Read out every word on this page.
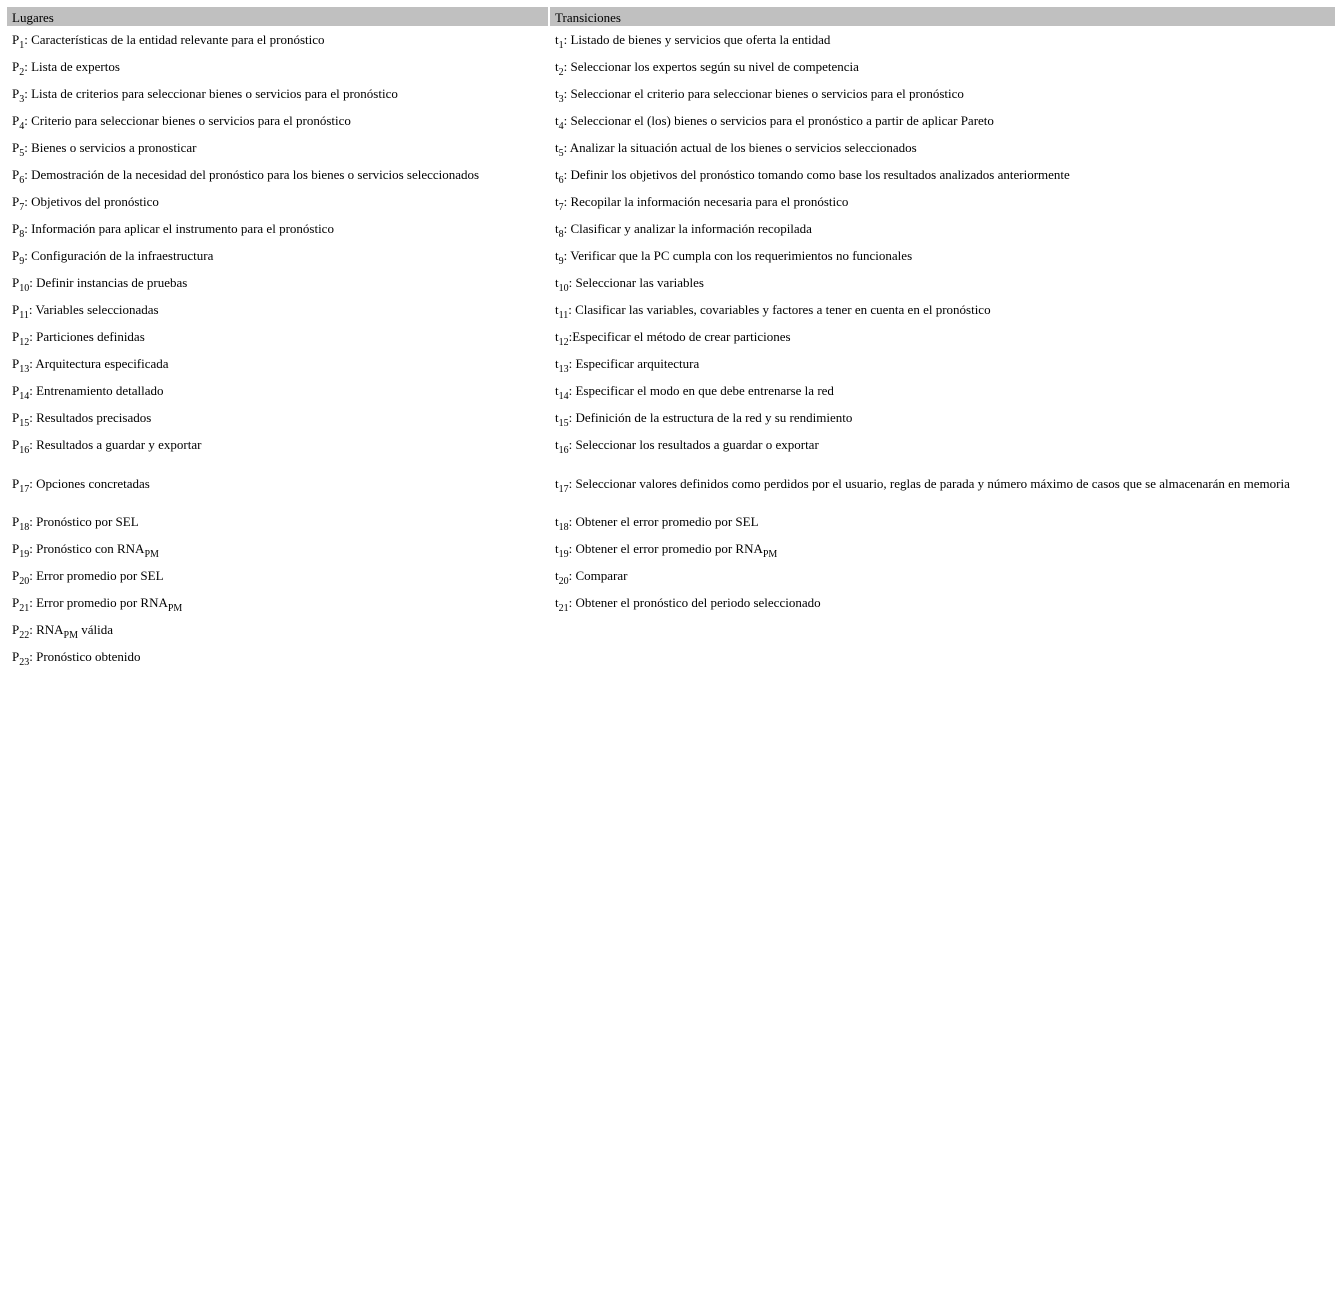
Lugares	Transiciones
$P_1$: Características de la entidad relevante para el pronóstico	$t_1$: Listado de bienes y servicios que oferta la entidad
$P_2$: Lista de expertos	$t_2$: Seleccionar los expertos según su nivel de competencia
$P_3$: Lista de criterios para seleccionar bienes o servicios para el pronóstico	$t_3$: Seleccionar el criterio para seleccionar bienes o servicios para el pronóstico
$P_4$: Criterio para seleccionar bienes o servicios para el pronóstico	$t_4$: Seleccionar el (los) bienes o servicios para el pronóstico a partir de aplicar Pareto
$P_5$: Bienes o servicios a pronosticar	$t_5$: Analizar la situación actual de los bienes o servicios seleccionados
$P_6$: Demostración de la necesidad del pronóstico para los bienes o servicios seleccionados	$t_6$: Definir los objetivos del pronóstico tomando como base los resultados analizados anteriormente
$P_7$: Objetivos del pronóstico	$t_7$: Recopilar la información necesaria para el pronóstico
$P_8$: Información para aplicar el instrumento para el pronóstico	$t_8$: Clasificar y analizar la información recopilada
$P_9$: Configuración de la infraestructura	$t_9$: Verificar que la PC cumpla con los requerimientos no funcionales
$P_{10}$: Definir instancias de pruebas	$t_{10}$: Seleccionar las variables
$P_{11}$: Variables seleccionadas	$t_{11}$: Clasificar las variables, covariables y factores a tener en cuenta en el pronóstico
$P_{12}$: Particiones definidas	$t_{12}:Especificar$ el método de crear particiones
$P_{13}$: Arquitectura especificada	$t_{13}$: Especificar arquitectura
$P_{14}$: Entrenamiento detallado	$t_{14}$: Especificar el modo en que debe entrenarse la red
$P_{15}$: Resultados precisados	$t_{15}$: Definición de la estructura de la red y su rendimiento
$P_{16}$: Resultados a guardar y exportar	$t_{16}$: Seleccionar los resultados a guardar o exportar
$P_{17}$: Opciones concretadas	$t_{17}$: Seleccionar valores definidos como perdidos por el usuario, reglas de parada y número máximo de casos que se almacenarán en memoria
$P_{18}$: Pronóstico por SEL	$t_{18}$: Obtener el error promedio por SEL
$P_{19}$: Pronóstico con $RNA_{PM}$	$t_{19}$: Obtener el error promedio por $RNA_{PM}$
$P_{20}$: Error promedio por SEL	$t_{20}$: Comparar
$P_{21}$: Error promedio por $RNA_{PM}$	$t_{21}$: Obtener el pronóstico del periodo seleccionado
$P_{22}$: $RNA_{PM}$ válida	
$P_{23}$: Pronóstico obtenido	
